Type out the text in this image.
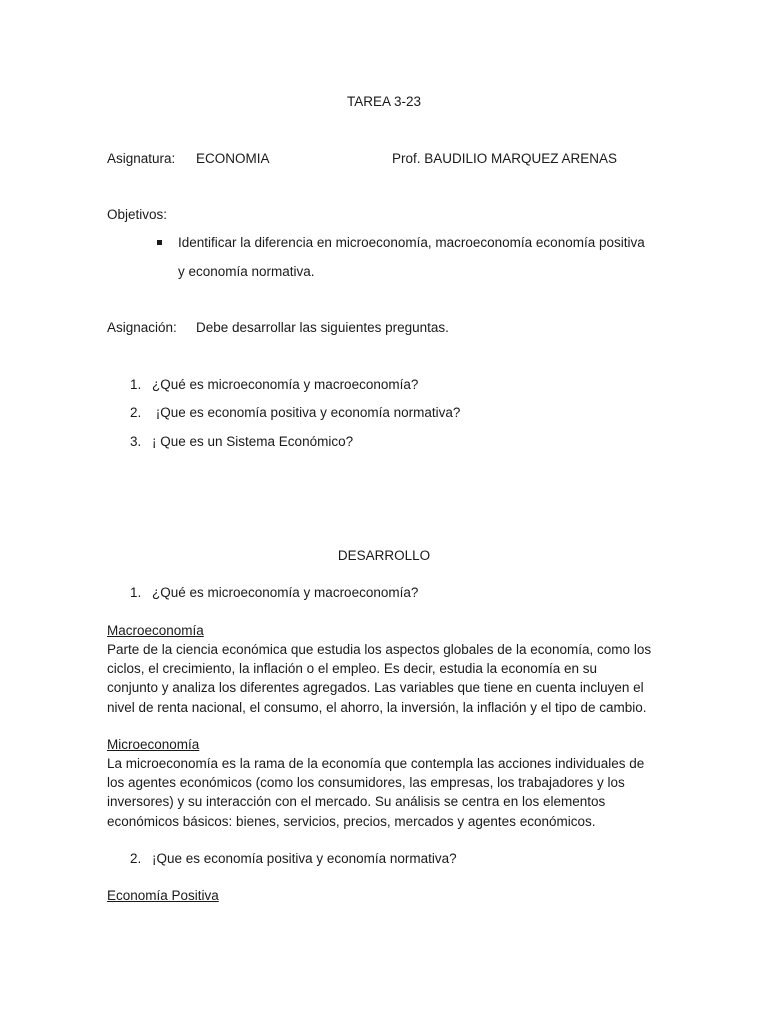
TAREA 3-23
Asignatura: ECONOMIA	Prof. BAUDILIO MARQUEZ ARENAS
Objetivos:
Identificar la diferencia en microeconomía, macroeconomía economía positiva
y economía normativa.
Asignación: Debe desarrollar las siguientes preguntas.
1. ¿Qué es microeconomía y macroeconomía?
2. ¡Que es economía positiva y economía normativa?
3. ¡ Que es un Sistema Económico?
DESARROLLO
1. ¿Qué es microeconomía y macroeconomía?
Macroeconomía
Parte de la ciencia económica que estudia los aspectos globales de la economía, como los
ciclos, el crecimiento, la inflación o el empleo. Es decir, estudia la economía en su
conjunto y analiza los diferentes agregados. Las variables que tiene en cuenta incluyen el
nivel de renta nacional, el consumo, el ahorro, la inversión, la inflación y el tipo de cambio.
Microeconomía
La microeconomía es la rama de la economía que contempla las acciones individuales de
los agentes económicos (como los consumidores, las empresas, los trabajadores y los
inversores) y su interacción con el mercado. Su análisis se centra en los elementos
económicos básicos: bienes, servicios, precios, mercados y agentes económicos.
2. ¡Que es economía positiva y economía normativa?
Economía Positiva
